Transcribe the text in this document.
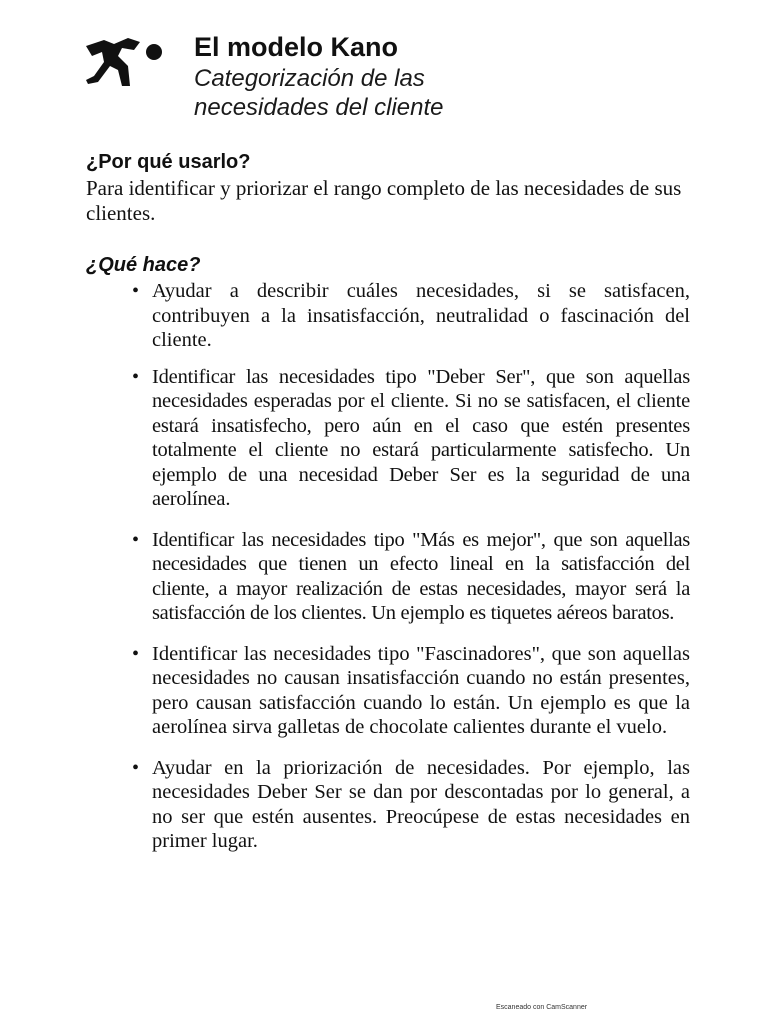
El modelo Kano

Categorización de las

necesidades del cliente

¿Por qué usarlo?

Para identificar y priorizar el rango completo de las necesidades de sus clientes.

¿Qué hace?
• Ayudar a describir cuáles necesidades, si se satisfacen, contribuyen a la insatisfacción, neutralidad o fascinación del cliente.
• Identificar las necesidades tipo "Deber Ser", que son aquellas necesidades esperadas por el cliente. Si no se satisfacen, el cliente estará insatisfecho, pero aún en el caso que estén presentes totalmente el cliente no estará particularmente satisfecho. Un ejemplo de una necesidad Deber Ser es la seguridad de una aerolínea.
• Identificar las necesidades tipo "Más es mejor", que son aquellas necesidades que tienen un efecto lineal en la satisfacción del cliente, a mayor realización de estas necesidades, mayor será la satisfacción de los clientes. Un ejemplo es tiquetes aéreos baratos.
• Identificar las necesidades tipo "Fascinadores", que son aquellas necesidades no causan insatisfacción cuando no están presentes, pero causan satisfacción cuando lo están. Un ejemplo es que la aerolínea sirva galletas de chocolate calientes durante el vuelo.
• Ayudar en la priorización de necesidades. Por ejemplo, las necesidades Deber Ser se dan por descontadas por lo general, a no ser que estén ausentes. Preocúpese de estas necesidades en primer lugar.
Escaneado con CamScanner
